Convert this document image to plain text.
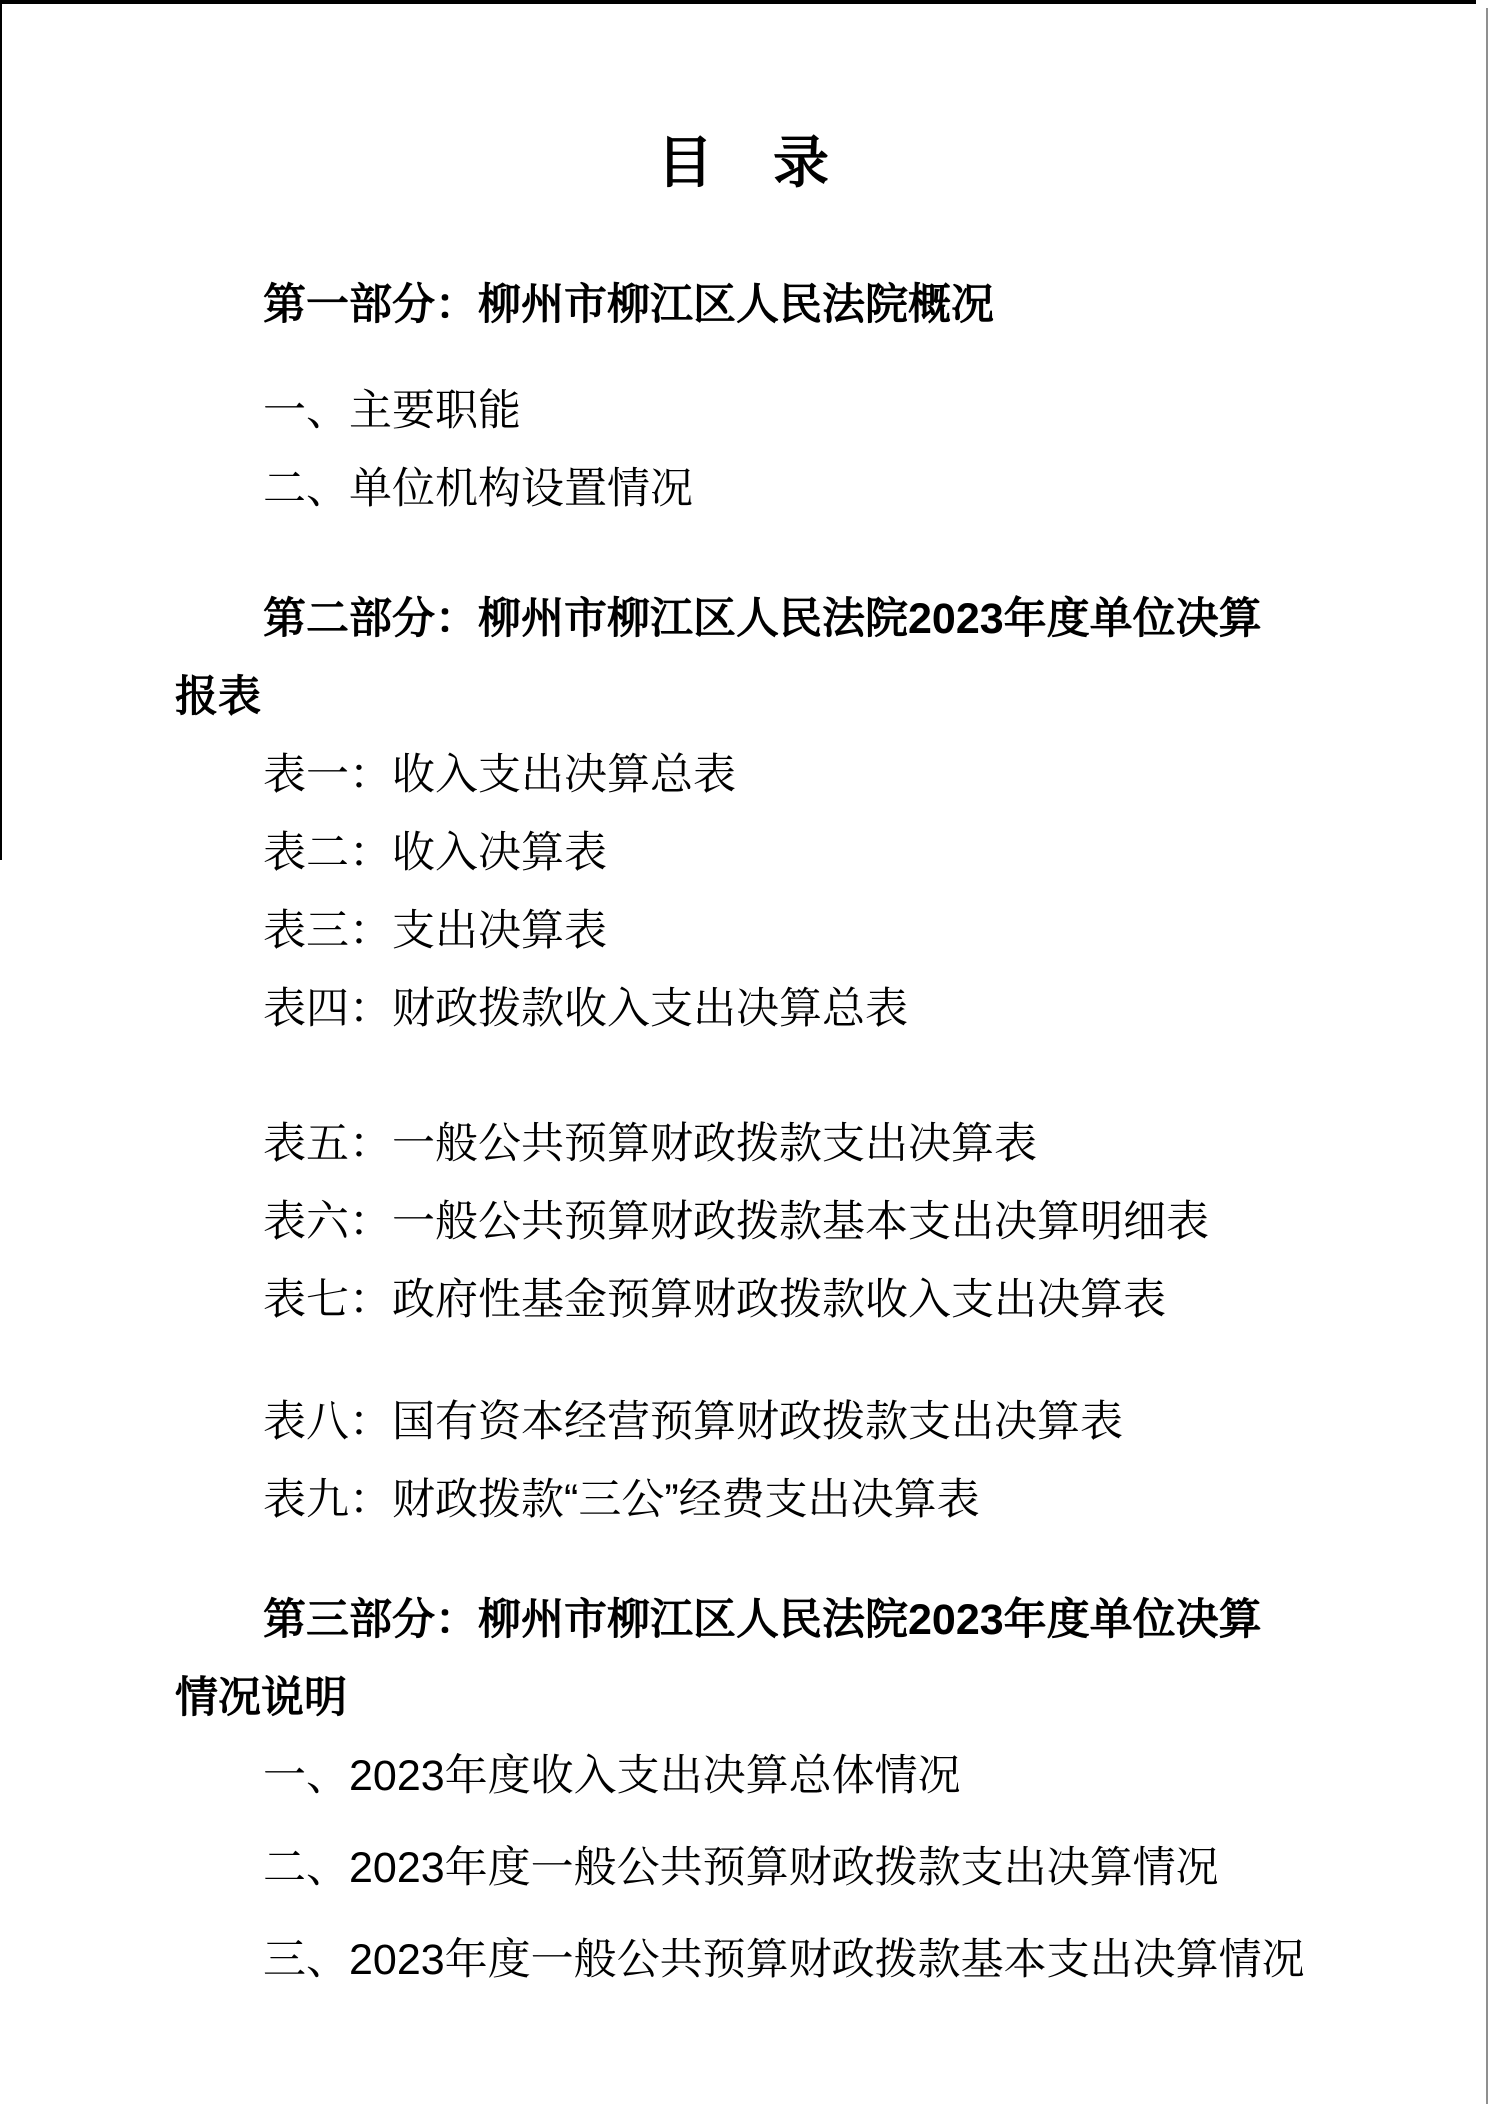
目　录

第一部分：柳州市柳江区人民法院概况

一、主要职能

二、单位机构设置情况

第二部分：柳州市柳江区人民法院2023年度单位决算

报表

表一：收入支出决算总表

表二：收入决算表

表三：支出决算表

表四：财政拨款收入支出决算总表

表五：一般公共预算财政拨款支出决算表

表六：一般公共预算财政拨款基本支出决算明细表

表七：政府性基金预算财政拨款收入支出决算表

表八：国有资本经营预算财政拨款支出决算表

表九：财政拨款“三公”经费支出决算表

第三部分：柳州市柳江区人民法院2023年度单位决算

情况说明

一、2023年度收入支出决算总体情况

二、2023年度一般公共预算财政拨款支出决算情况

三、2023年度一般公共预算财政拨款基本支出决算情况
